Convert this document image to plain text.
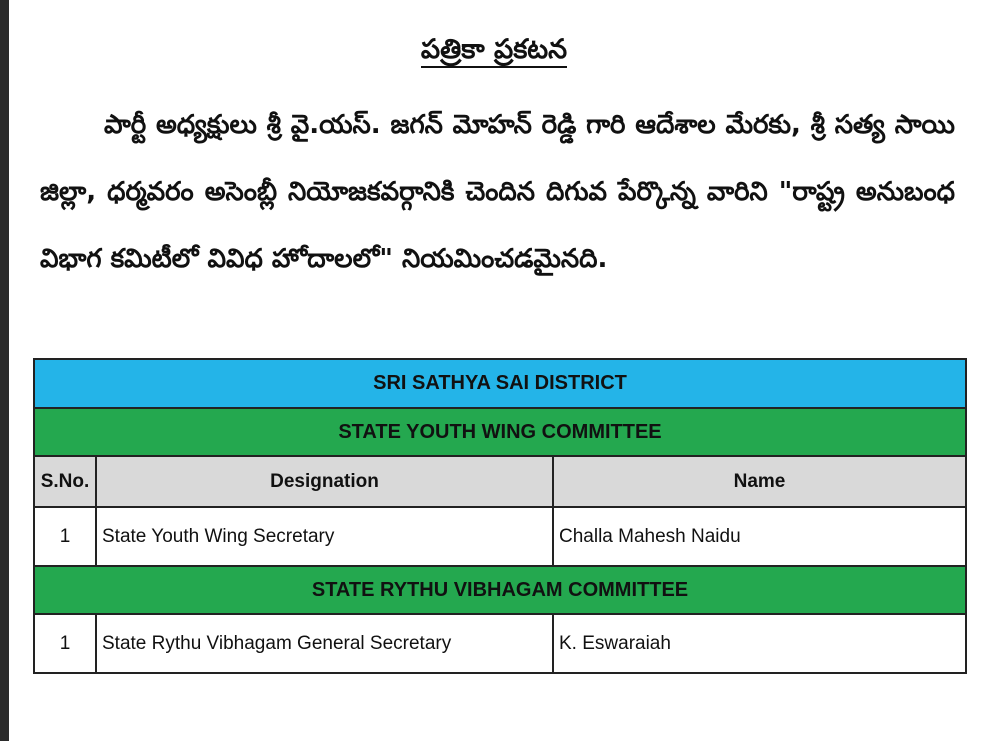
పత్రికా ప్రకటన
పార్టీ అధ్యక్షులు శ్రీ వై.యస్. జగన్ మోహన్ రెడ్డి గారి ఆదేశాల మేరకు, శ్రీ సత్య సాయి జిల్లా, ధర్మవరం అసెంబ్లీ నియోజకవర్గానికి చెందిన దిగువ పేర్కొన్న వారిని "రాష్ట్ర అనుబంధ విభాగ కమిటీలో వివిధ హోదాలలో" నియమించడమైనది.
SRI SATHYA SAI DISTRICT		
STATE YOUTH WING COMMITTEE		
S.No.	Designation	Name
1	State Youth Wing Secretary	Challa Mahesh Naidu
STATE RYTHU VIBHAGAM COMMITTEE		
1	State Rythu Vibhagam General Secretary	K. Eswaraiah
